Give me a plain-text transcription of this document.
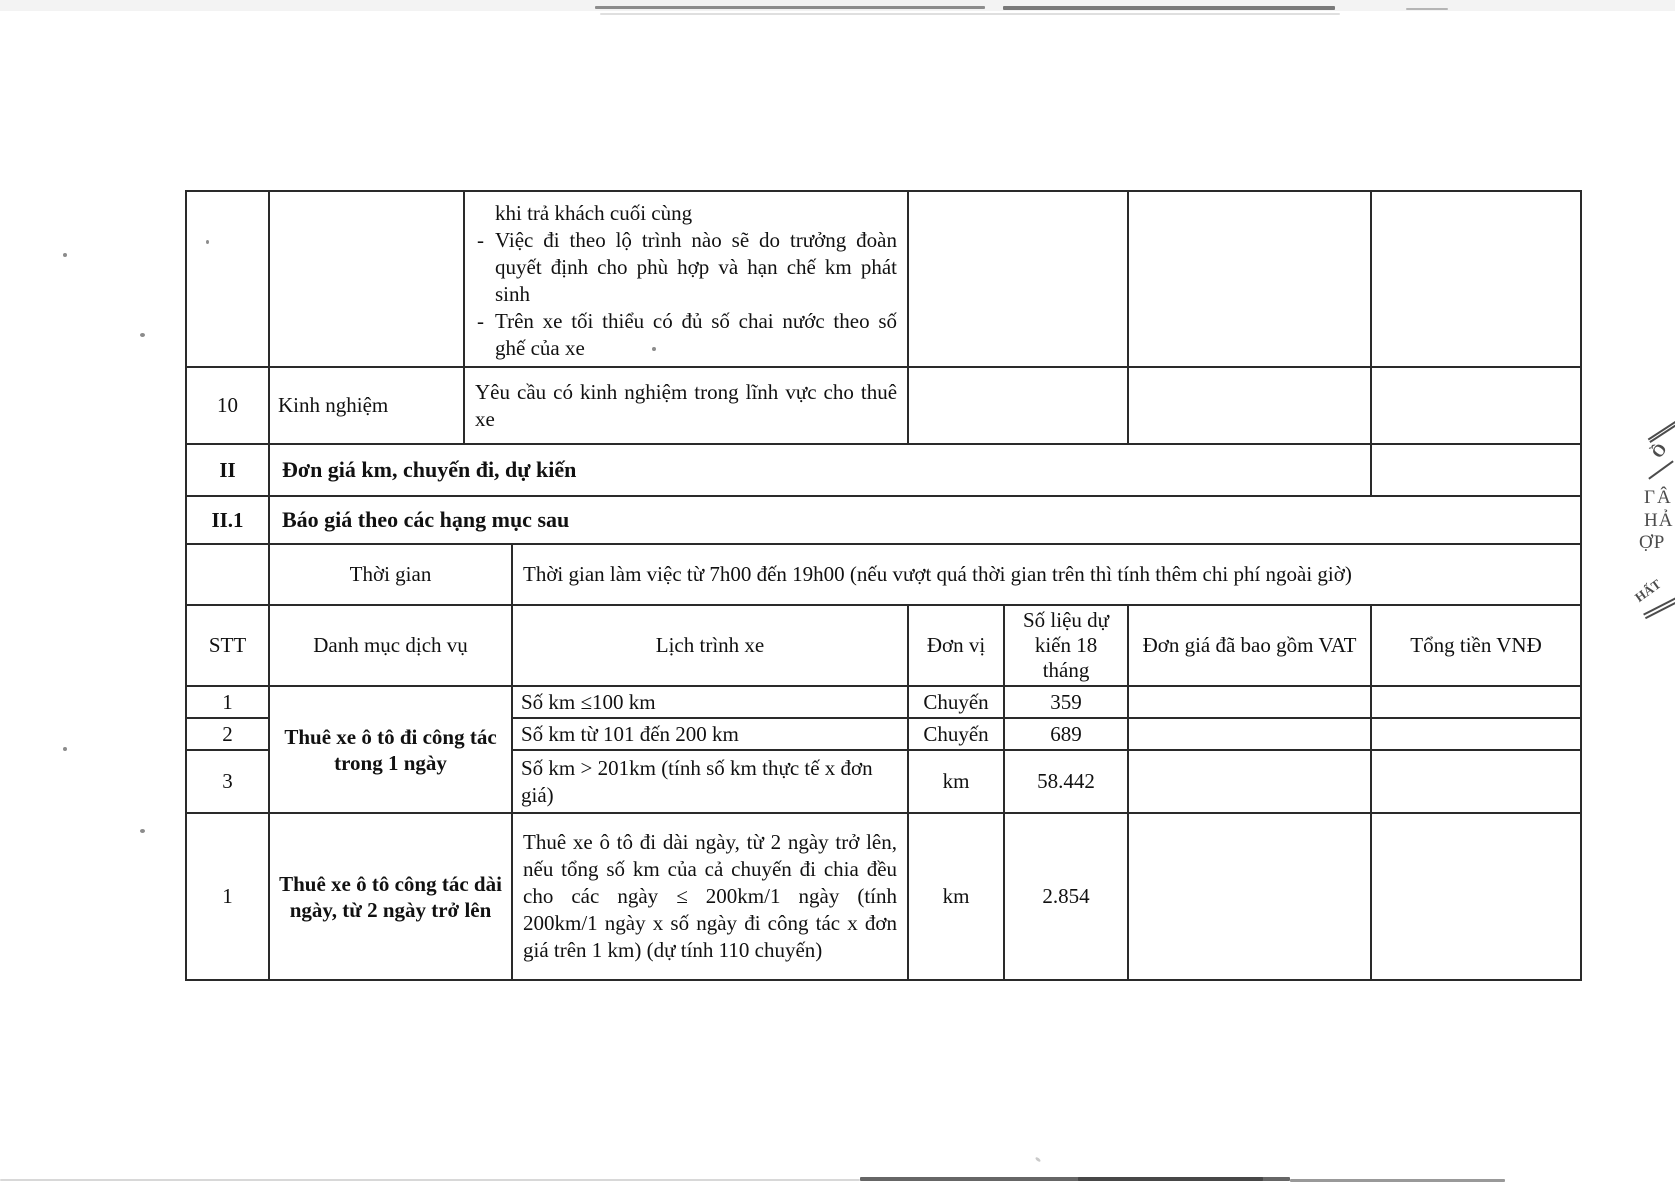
Ồ
ΓÂ
HẢ
ỢP
HẤT

		khi trả khách cuối cùng
- Việc đi theo lộ trình nào sẽ do trưởng đoàn quyết định cho phù hợp và hạn chế km phát sinh
- Trên xe tối thiểu có đủ số chai nước theo số ghế của xe					

10	Kinh nghiệm	Yêu cầu có kinh nghiệm trong lĩnh vực cho thuê xe					
II	Đơn giá km, chuyến đi, dự kiến						
II.1	Báo giá theo các hạng mục sau						
	Thời gian		Thời gian làm việc từ 7h00 đến 19h00 (nếu vượt quá thời gian trên thì tính thêm chi phí ngoài giờ)				
STT	Danh mục dịch vụ		Lịch trình xe	Đơn vị	Số liệu dự kiến 18 tháng	Đơn giá đã bao gồm VAT	Tổng tiền VNĐ
1	Thuê xe ô tô đi công tác trong 1 ngày		Số km ≤100 km	Chuyến	359		
2			Số km từ 101 đến 200 km	Chuyến	689		
3			Số km > 201km (tính số km thực tế x đơn giá)	km	58.442		
1	Thuê xe ô tô công tác dài ngày, từ 2 ngày trở lên		Thuê xe ô tô đi dài ngày, từ 2 ngày trở lên, nếu tổng số km của cả chuyến đi chia đều cho các ngày ≤ 200km/1 ngày (tính 200km/1 ngày x số ngày đi công tác x đơn giá trên 1 km) (dự tính 110 chuyến)	km	2.854		
